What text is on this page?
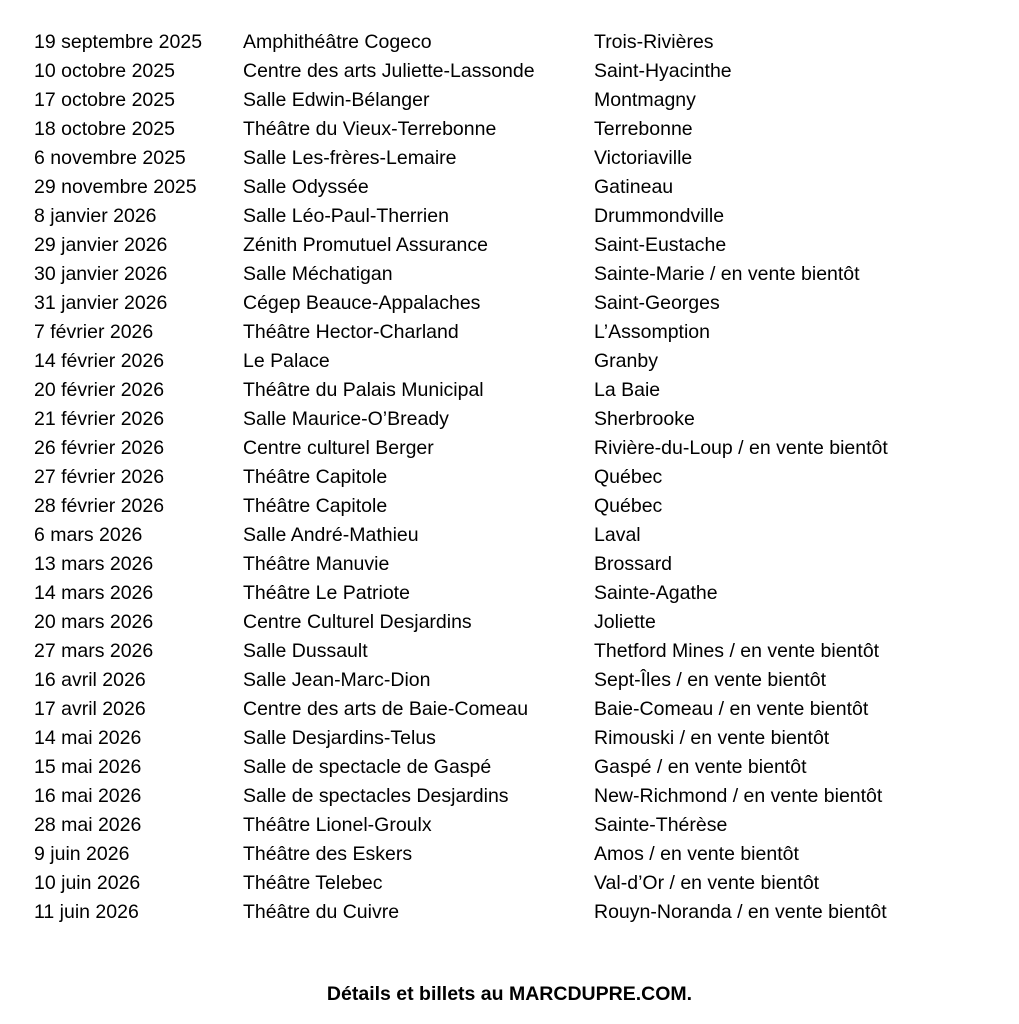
19 septembre 2025	Amphithéâtre Cogeco	Trois-Rivières
10 octobre 2025	Centre des arts Juliette-Lassonde	Saint-Hyacinthe
17 octobre 2025	Salle Edwin-Bélanger	Montmagny
18 octobre 2025	Théâtre du Vieux-Terrebonne	Terrebonne
6 novembre 2025	Salle Les-frères-Lemaire	Victoriaville
29 novembre 2025	Salle Odyssée	Gatineau
8 janvier 2026	Salle Léo-Paul-Therrien	Drummondville
29 janvier 2026	Zénith Promutuel Assurance	Saint-Eustache
30 janvier 2026	Salle Méchatigan	Sainte-Marie / en vente bientôt
31 janvier 2026	Cégep Beauce-Appalaches	Saint-Georges
7 février 2026	Théâtre Hector-Charland	L’Assomption
14 février 2026	Le Palace	Granby
20 février 2026	Théâtre du Palais Municipal	La Baie
21 février 2026	Salle Maurice-O’Bready	Sherbrooke
26 février 2026	Centre culturel Berger	Rivière-du-Loup / en vente bientôt
27 février 2026	Théâtre Capitole	Québec
28 février 2026	Théâtre Capitole	Québec
6 mars 2026	Salle André-Mathieu	Laval
13 mars 2026	Théâtre Manuvie	Brossard
14 mars 2026	Théâtre Le Patriote	Sainte-Agathe
20 mars 2026	Centre Culturel Desjardins	Joliette
27 mars 2026	Salle Dussault	Thetford Mines / en vente bientôt
16 avril 2026	Salle Jean-Marc-Dion	Sept-Îles / en vente bientôt
17 avril 2026	Centre des arts de Baie-Comeau	Baie-Comeau / en vente bientôt
14 mai 2026	Salle Desjardins-Telus	Rimouski / en vente bientôt
15 mai 2026	Salle de spectacle de Gaspé	Gaspé / en vente bientôt
16 mai 2026	Salle de spectacles Desjardins	New-Richmond / en vente bientôt
28 mai 2026	Théâtre Lionel-Groulx	Sainte-Thérèse
9 juin 2026	Théâtre des Eskers	Amos / en vente bientôt
10 juin 2026	Théâtre Telebec	Val-d’Or / en vente bientôt
11 juin 2026	Théâtre du Cuivre	Rouyn-Noranda / en vente bientôt
Détails et billets au MARCDUPRE.COM.
